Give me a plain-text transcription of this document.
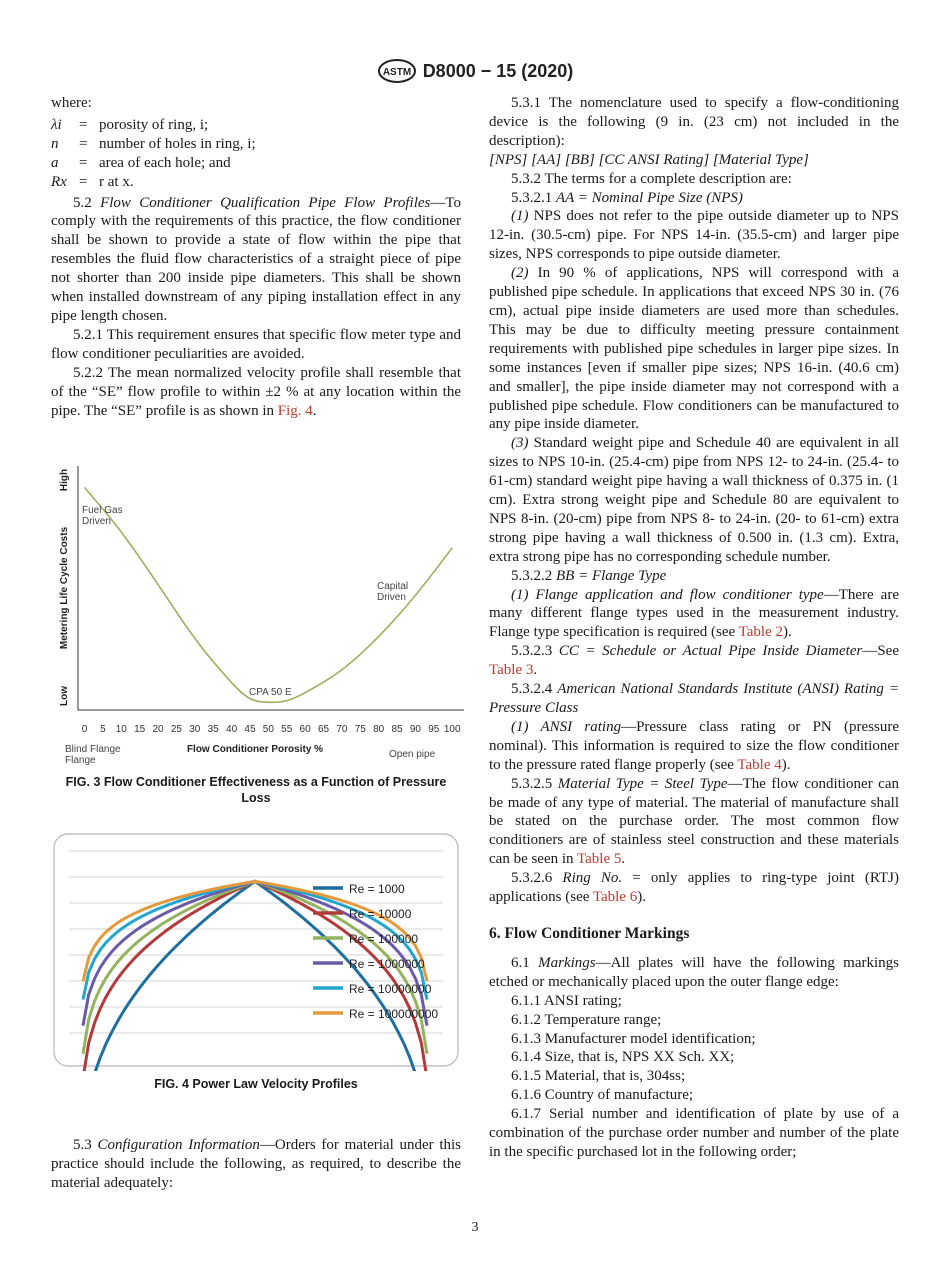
ASTM D8000 − 15 (2020)

where:

λi	= porosity of ring, i;
n	= number of holes in ring, i;
a	= area of each hole; and
Rx = r at x.

5.2 Flow Conditioner Qualification Pipe Flow Profiles—To comply with the requirements of this practice, the flow conditioner shall be shown to provide a state of flow within the pipe that resembles the fluid flow characteristics of a straight piece of pipe not shorter than 200 inside pipe diameters. This shall be shown when installed downstream of any piping installation effect in any pipe length chosen.

5.2.1 This requirement ensures that specific flow meter type and flow conditioner peculiarities are avoided.

5.2.2 The mean normalized velocity profile shall resemble that of the “SE” flow profile to within ±2 % at any location within the pipe. The “SE” profile is as shown in Fig. 4.

High
Metering Life Cycle Costs
Low
0 5 10 15 20 25 30 35 40 45 50 55 60 65 70 75 80 85 90 95 100
Fuel Gas
Driven
Capital
Driven
CPA 50 E
Blind Flange
Flange
Flow Conditioner Porosity %	Open pipe
FIG. 3 Flow Conditioner Effectiveness as a Function of Pressure Loss
Re = 1000
Re = 10000
Re = 100000
Re = 1000000
Re = 10000000
Re = 100000000
FIG. 4 Power Law Velocity Profiles

5.3 Configuration Information—Orders for material under this practice should include the following, as required, to describe the material adequately:

5.3.1 The nomenclature used to specify a flow-conditioning device is the following (9 in. (23 cm) not included in the description):

[NPS] [AA] [BB] [CC ANSI Rating] [Material Type]

5.3.2 The terms for a complete description are:

5.3.2.1 AA = Nominal Pipe Size (NPS)

(1) NPS does not refer to the pipe outside diameter up to NPS 12-in. (30.5-cm) pipe. For NPS 14-in. (35.5-cm) and larger pipe sizes, NPS corresponds to pipe outside diameter.

(2) In 90 % of applications, NPS will correspond with a published pipe schedule. In applications that exceed NPS 30 in. (76 cm), actual pipe inside diameters are used more than schedules. This may be due to difficulty meeting pressure containment requirements with published pipe schedules in larger pipe sizes. In some instances [even if smaller pipe sizes; NPS 16-in. (40.6 cm) and smaller], the pipe inside diameter may not correspond with a published pipe schedule. Flow conditioners can be manufactured to any pipe inside diameter.

(3) Standard weight pipe and Schedule 40 are equivalent in all sizes to NPS 10-in. (25.4-cm) pipe from NPS 12- to 24-in. (25.4- to 61-cm) standard weight pipe having a wall thickness of 0.375 in. (1 cm). Extra strong weight pipe and Schedule 80 are equivalent to NPS 8-in. (20-cm) pipe from NPS 8- to 24-in. (20- to 61-cm) extra strong pipe having a wall thickness of 0.500 in. (1.3 cm). Extra, extra strong pipe has no corresponding schedule number.

5.3.2.2 BB = Flange Type

(1) Flange application and flow conditioner type—There are many different flange types used in the measurement industry. Flange type specification is required (see Table 2).

5.3.2.3 CC = Schedule or Actual Pipe Inside Diameter—See Table 3.

5.3.2.4 American National Standards Institute (ANSI) Rating = Pressure Class

(1) ANSI rating—Pressure class rating or PN (pressure nominal). This information is required to size the flow conditioner to the pressure rated flange properly (see Table 4).

5.3.2.5 Material Type = Steel Type—The flow conditioner can be made of any type of material. The material of manufacture shall be stated on the purchase order. The most common flow conditioners are of stainless steel construction and these materials can be seen in Table 5.

5.3.2.6 Ring No. = only applies to ring-type joint (RTJ) applications (see Table 6).

6. Flow Conditioner Markings

6.1 Markings—All plates will have the following markings etched or mechanically placed upon the outer flange edge:

6.1.1 ANSI rating;

6.1.2 Temperature range;

6.1.3 Manufacturer model identification;

6.1.4 Size, that is, NPS XX Sch. XX;

6.1.5 Material, that is, 304ss;

6.1.6 Country of manufacture;

6.1.7 Serial number and identification of plate by use of a combination of the purchase order number and number of the plate in the specific purchased lot in the following order;

3
